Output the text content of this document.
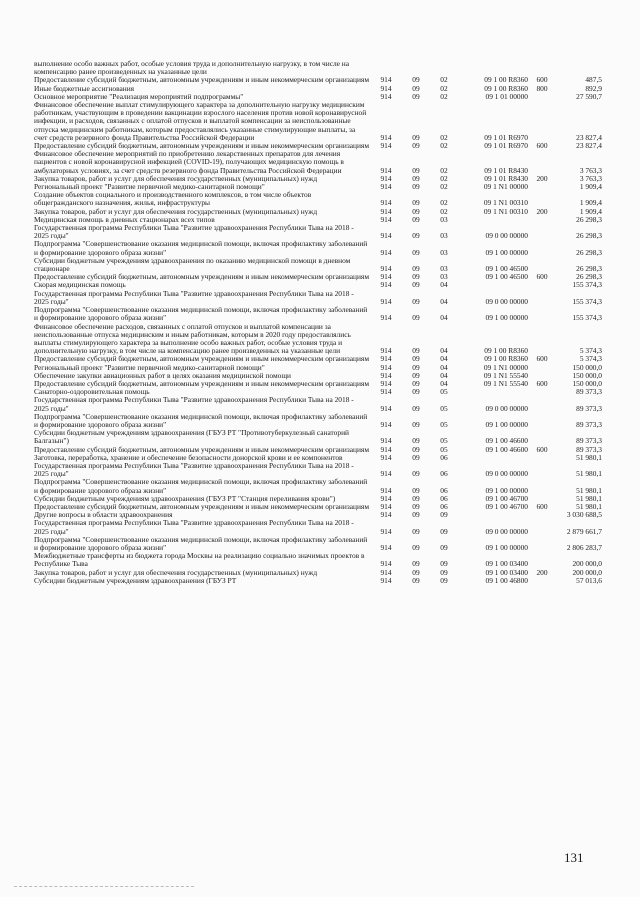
выполнение особо важных работ, особые условия труда и дополнительную нагрузку, в том числе на компенсацию ранее произведенных на указанные цели						
Предоставление субсидий бюджетным, автономным учреждениям и иным некоммерческим организациям	914	09	02	09 1 00 R8360	600	487,5
Иные бюджетные ассигнования	914	09	02	09 1 00 R8360	800	892,9
Основное мероприятие "Реализация мероприятий подпрограммы"	914	09	02	09 1 01 00000		27 590,7
Финансовое обеспечение выплат стимулирующего характера за дополнительную нагрузку медицинским работникам, участвующим в проведении вакцинации взрослого населения против новой коронавирусной инфекции, и расходов, связанных с оплатой отпусков и выплатой компенсации за неиспользованные отпуска медицинским работникам, которым предоставлялись указанные стимулирующие выплаты, за счет средств резервного фонда Правительства Российской Федерации	914	09	02	09 1 01 R6970		23 827,4
Предоставление субсидий бюджетным, автономным учреждениям и иным некоммерческим организациям	914	09	02	09 1 01 R6970	600	23 827,4
Финансовое обеспечение мероприятий по приобретению лекарственных препаратов для лечения пациентов с новой коронавирусной инфекцией (COVID-19), получающих медицинскую помощь в амбулаторных условиях, за счет средств резервного фонда Правительства Российской Федерации	914	09	02	09 1 01 R8430		3 763,3
Закупка товаров, работ и услуг для обеспечения государственных (муниципальных) нужд	914	09	02	09 1 01 R8430	200	3 763,3
Региональный проект "Развитие первичной медико-санитарной помощи"	914	09	02	09 1 N1 00000		1 909,4
Создание объектов социального и производственного комплексов, в том числе объектов общегражданского назначения, жилья, инфраструктуры	914	09	02	09 1 N1 00310		1 909,4
Закупка товаров, работ и услуг для обеспечения государственных (муниципальных) нужд	914	09	02	09 1 N1 00310	200	1 909,4
Медицинская помощь в дневных стационарах всех типов	914	09	03			26 298,3
Государственная программа Республики Тыва "Развитие здравоохранения Республики Тыва на 2018 - 2025 годы"	914	09	03	09 0 00 00000		26 298,3
Подпрограмма "Совершенствование оказания медицинской помощи, включая профилактику заболеваний и формирование здорового образа жизни"	914	09	03	09 1 00 00000		26 298,3
Субсидии бюджетным учреждениям здравоохранения по оказанию медицинской помощи в дневном стационаре	914	09	03	09 1 00 46500		26 298,3
Предоставление субсидий бюджетным, автономным учреждениям и иным некоммерческим организациям	914	09	03	09 1 00 46500	600	26 298,3
Скорая медицинская помощь	914	09	04			155 374,3
Государственная программа Республики Тыва "Развитие здравоохранения Республики Тыва на 2018 - 2025 годы"	914	09	04	09 0 00 00000		155 374,3
Подпрограмма "Совершенствование оказания медицинской помощи, включая профилактику заболеваний и формирование здорового образа жизни"	914	09	04	09 1 00 00000		155 374,3
Финансовое обеспечение расходов, связанных с оплатой отпусков и выплатой компенсации за неиспользованные отпуска медицинским и иным работникам, которым в 2020 году предоставлялись выплаты стимулирующего характера за выполнение особо важных работ, особые условия труда и дополнительную нагрузку, в том числе на компенсацию ранее произведенных на указанные цели	914	09	04	09 1 00 R8360		5 374,3
Предоставление субсидий бюджетным, автономным учреждениям и иным некоммерческим организациям	914	09	04	09 1 00 R8360	600	5 374,3
Региональный проект "Развитие первичной медико-санитарной помощи"	914	09	04	09 1 N1 00000		150 000,0
Обеспечение закупки авиационных работ в целях оказания медицинской помощи	914	09	04	09 1 N1 55540		150 000,0
Предоставление субсидий бюджетным, автономным учреждениям и иным некоммерческим организациям	914	09	04	09 1 N1 55540	600	150 000,0
Санаторно-оздоровительная помощь	914	09	05			89 373,3
Государственная программа Республики Тыва "Развитие здравоохранения Республики Тыва на 2018 - 2025 годы"	914	09	05	09 0 00 00000		89 373,3
Подпрограмма "Совершенствование оказания медицинской помощи, включая профилактику заболеваний и формирование здорового образа жизни"	914	09	05	09 1 00 00000		89 373,3
Субсидии бюджетным учреждениям здравоохранения (ГБУЗ РТ "Противотуберкулезный санаторий Балгазын")	914	09	05	09 1 00 46600		89 373,3
Предоставление субсидий бюджетным, автономным учреждениям и иным некоммерческим организациям	914	09	05	09 1 00 46600	600	89 373,3
Заготовка, переработка, хранение и обеспечение безопасности донорской крови и ее компонентов	914	09	06			51 980,1
Государственная программа Республики Тыва "Развитие здравоохранения Республики Тыва на 2018 - 2025 годы"	914	09	06	09 0 00 00000		51 980,1
Подпрограмма "Совершенствование оказания медицинской помощи, включая профилактику заболеваний и формирование здорового образа жизни"	914	09	06	09 1 00 00000		51 980,1
Субсидии бюджетным учреждениям здравоохранения (ГБУЗ РТ "Станция переливания крови")	914	09	06	09 1 00 46700		51 980,1
Предоставление субсидий бюджетным, автономным учреждениям и иным некоммерческим организациям	914	09	06	09 1 00 46700	600	51 980,1
Другие вопросы в области здравоохранения	914	09	09			3 030 688,5
Государственная программа Республики Тыва "Развитие здравоохранения Республики Тыва на 2018 - 2025 годы"	914	09	09	09 0 00 00000		2 879 661,7
Подпрограмма "Совершенствование оказания медицинской помощи, включая профилактику заболеваний и формирование здорового образа жизни"	914	09	09	09 1 00 00000		2 806 283,7
Межбюджетные трансферты из бюджета города Москвы на реализацию социально значимых проектов в Республике Тыва	914	09	09	09 1 00 03400		200 000,0
Закупка товаров, работ и услуг для обеспечения государственных (муниципальных) нужд	914	09	09	09 1 00 03400	200	200 000,0
Субсидии бюджетным учреждениям здравоохранения (ГБУЗ РТ	914	09	09	09 1 00 46800		57 013,6
131
